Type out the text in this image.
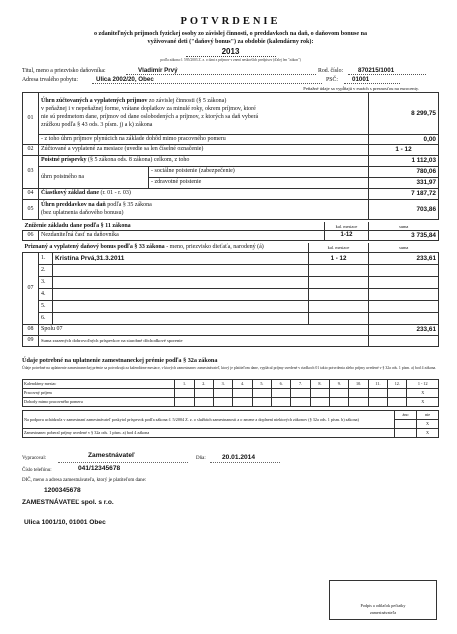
POTVRDENIE
o zdaniteľných príjmoch fyzickej osoby zo závislej činnosti, o preddavkoch na daň, o daňovom bonuse na
vyživované deti ("daňový bonus") za obdobie (kalendárny rok):
2013
podľa zákona č. 595/2003 Z. z. o dani z príjmov v znení neskorších predpisov (ďalej len "zákon")
Titul, meno a priezvisko daňovníka:	Vladimír Prvý	Rod. číslo: 870215/1001
Adresa trvalého pobytu:	Ulica 2002/20, Obec	PSČ: 01001
Peňažné údaje sa vypĺňajú v eurách s presnosťou na eurocenty.
01	Úhrn zúčtovaných a vyplatených príjmov zo závislej činnosti (§ 5 zákona)
v peňažnej i v nepeňažnej forme, vrátane doplatkov za minulé roky, okrem príjmov, ktoré
nie sú predmetom dane, príjmov od dane oslobodených a príjmov, z ktorých sa daň vyberá
zrážkou podľa § 43 ods. 3 písm. j) a k) zákona		8 299,75
	- z toho úhrn príjmov plynúcich na základe dohôd mimo pracovného pomeru		0,00
02	Zúčtované a vyplatené za mesiace (uvedie sa len číselné označenie)		1 - 12
03	Poistné príspevky (§ 5 zákona ods. 8 zákona) celkom, z toho		1 112,03
	úhrn poistného na	- sociálne poistenie (zabezpečenie)	780,06
		- zdravotné poistenie	331,97
04	Čiastkový základ dane (r. 01 - r. 03)		7 187,72
05	Úhrn preddavkov na daň podľa § 35 zákona
(bez uplatnenia daňového bonusu)		703,86
Zníženie základu dane podľa § 11 zákona		kal. mesiace	suma
06	Nezdaniteľná časť na daňovníka	1-12	3 735,84
Priznaný a vyplatený daňový bonus podľa § 33 zákona - meno, priezvisko dieťaťa, narodený (á)			kal. mesiace	suma
07	1.	Kristína Prvá,31.3.2011	1 - 12	233,61
	2.			
	3.			
	4.			
	5.			
	6.			
08	Spolu 07			233,61
09	Suma zrazených dobrovoľných príspevkov na starobné dôchodkové sporenie			
Údaje potrebné na uplatnenie zamestnaneckej prémie podľa § 32a zákona
Údaje potrebné na uplatnenie zamestnaneckej prémie sa potvrdzujú za kalendárne mesiace, v ktorých zamestnanec zamestnávateľ, ktorý je platiteľom dane, vyplácal príjmy uvedené v riadkoch 01 takto potvrdenia alebo príjmy uvedené v § 32a ods. 1 písm. a) bod 4 zákona.
Kalendárny mesiac	1.	2.	3.	4.	5.	6.	7.	8.	9.	10.	11.	12.	1 - 12
Pracovný príjem													X
Dohody mimo pracovného pomeru													X
Na podporu uchádzača v zamestnaní zamestnávateľ poskytol príspevok podľa zákona č. 5/2004 Z. z. o službách zamestnanosti a o zmene a doplnení niektorých zákonov (§ 32a ods. 1 písm. b) zákona)	áno	nie
		X
Zamestnanec poberal príjmy uvedené v § 32a ods. 1 písm. a) bod 4 zákona		X
Vypracoval:	Zamestnávateľ	Dňa: 20.01.2014
Číslo telefónu:	041/12345678
DIČ, meno a adresa zamestnávateľa, ktorý je platiteľom dane:
1200345678
ZAMESTNÁVATEĽ spol. s r.o.
Ulica 1001/10, 01001 Obec
Podpis a odtlačok pečiatky
zamestnávateľa
